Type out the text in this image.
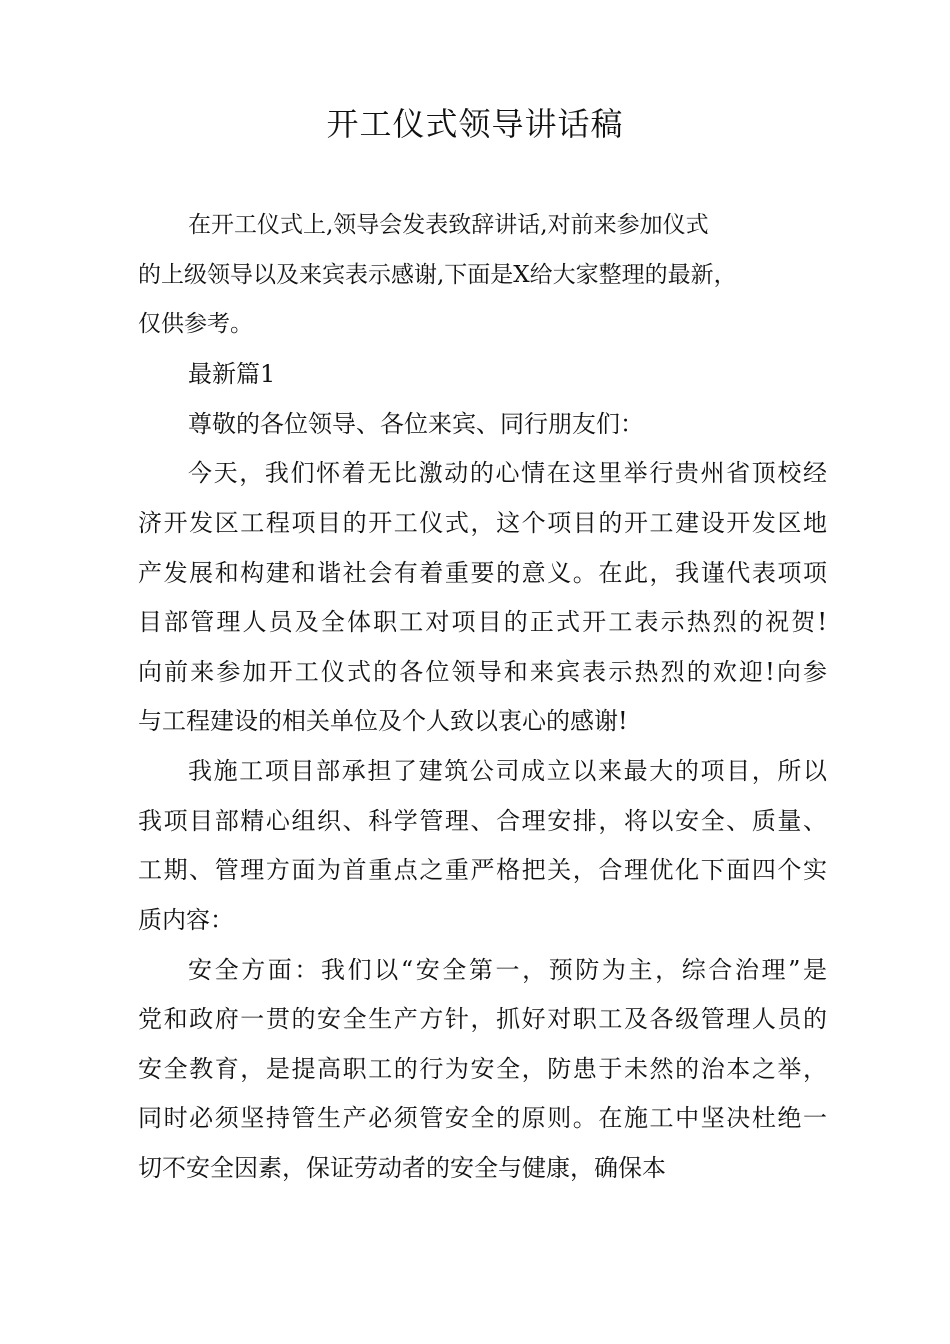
开工仪式领导讲话稿

在开工仪式上,领导会发表致辞讲话,对前来参加仪式

的上级领导以及来宾表示感谢,下面是X给大家整理的最新，

仅供参考。

最新篇1

尊敬的各位领导、各位来宾、同行朋友们：

今天，我们怀着无比激动的心情在这里举行贵州省顶校经

济开发区工程项目的开工仪式，这个项目的开工建设开发区地

产发展和构建和谐社会有着重要的意义。在此，我谨代表项项

目部管理人员及全体职工对项目的正式开工表示热烈的祝贺!

向前来参加开工仪式的各位领导和来宾表示热烈的欢迎!向参

与工程建设的相关单位及个人致以衷心的感谢!

我施工项目部承担了建筑公司成立以来最大的项目，所以

我项目部精心组织、科学管理、合理安排，将以安全、质量、

工期、管理方面为首重点之重严格把关，合理优化下面四个实

质内容：

安全方面：我们以“安全第一，预防为主，综合治理”是

党和政府一贯的安全生产方针，抓好对职工及各级管理人员的

安全教育，是提高职工的行为安全，防患于未然的治本之举，

同时必须坚持管生产必须管安全的原则。在施工中坚决杜绝一

切不安全因素，保证劳动者的安全与健康，确保本
